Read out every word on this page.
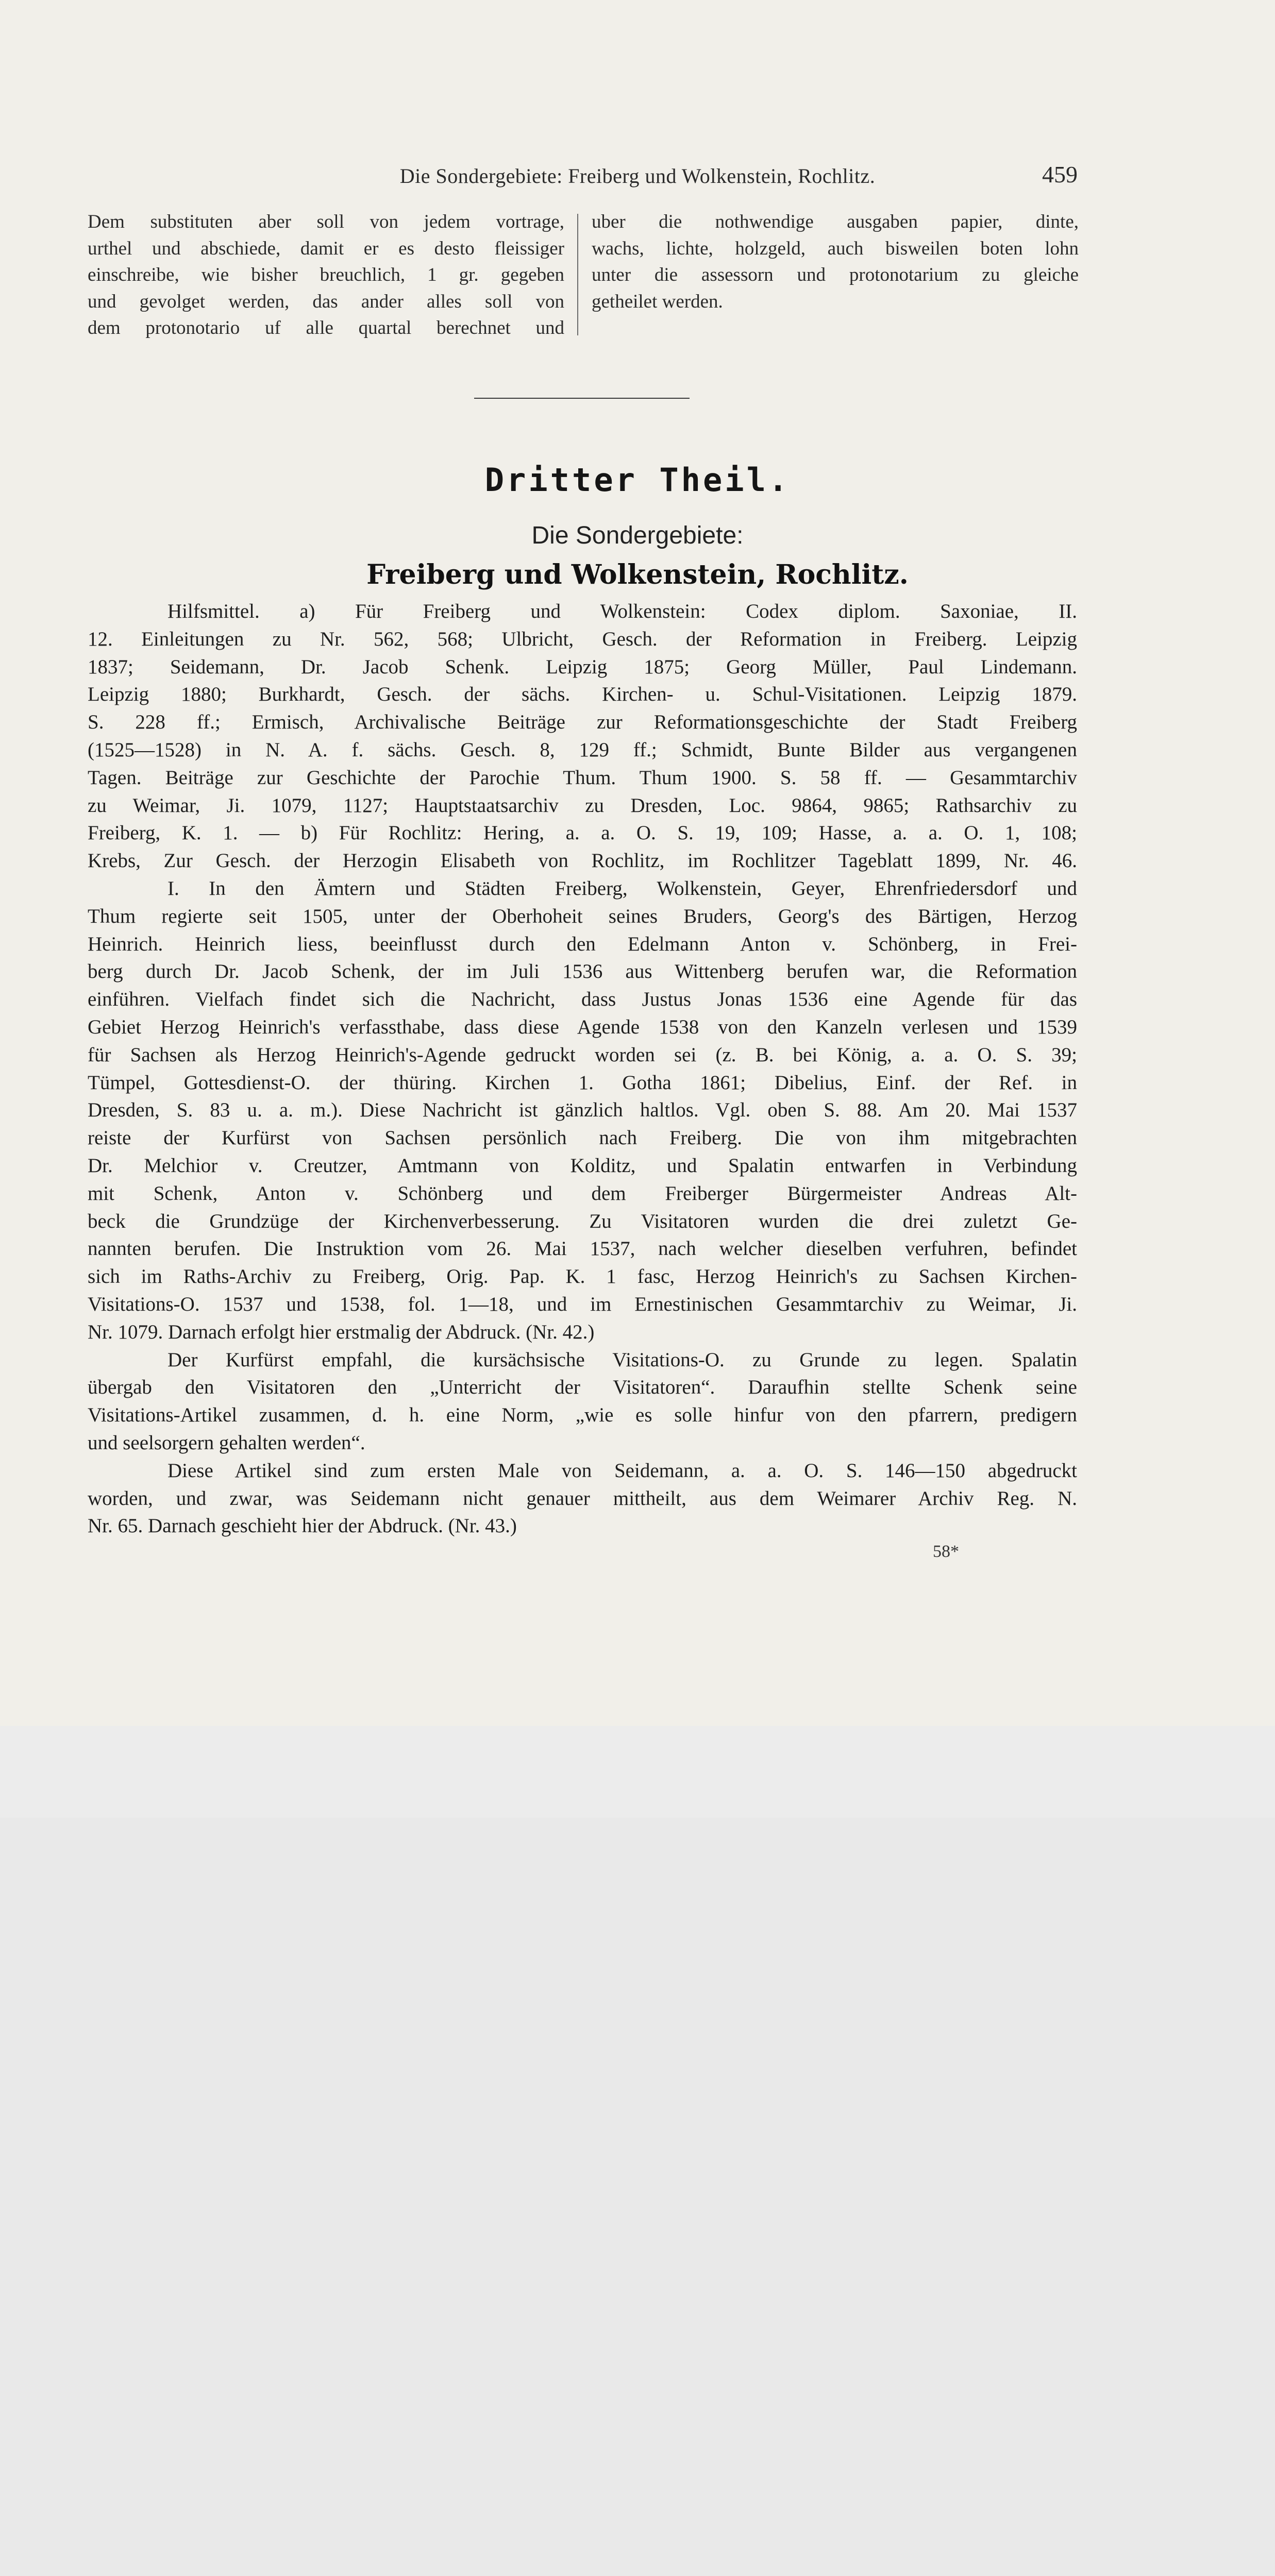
Die Sondergebiete: Freiberg und Wolkenstein, Rochlitz.	459
Dem substituten aber soll von jedem vortrage,
urthel und abschiede, damit er es desto fleissiger
einschreibe, wie bisher breuchlich, 1 gr. gegeben
und gevolget werden, das ander alles soll von
dem protonotario uf alle quartal berechnet und
uber die nothwendige ausgaben papier, dinte,
wachs, lichte, holzgeld, auch bisweilen boten lohn
unter die assessorn und protonotarium zu gleiche
getheilet werden.
Dritter Theil.
Die Sondergebiete:
Freiberg und Wolkenstein, Rochlitz.
Hilfsmittel. a) Für Freiberg und Wolkenstein: Codex diplom. Saxoniae, II.
12. Einleitungen zu Nr. 562, 568; Ulbricht, Gesch. der Reformation in Freiberg. Leipzig
1837; Seidemann, Dr. Jacob Schenk. Leipzig 1875; Georg Müller, Paul Lindemann.
Leipzig 1880; Burkhardt, Gesch. der sächs. Kirchen- u. Schul-Visitationen. Leipzig 1879.
S. 228 ff.; Ermisch, Archivalische Beiträge zur Reformationsgeschichte der Stadt Freiberg
(1525—1528) in N. A. f. sächs. Gesch. 8, 129 ff.; Schmidt, Bunte Bilder aus vergangenen
Tagen. Beiträge zur Geschichte der Parochie Thum. Thum 1900. S. 58 ff. — Gesammtarchiv
zu Weimar, Ji. 1079, 1127; Hauptstaatsarchiv zu Dresden, Loc. 9864, 9865; Rathsarchiv zu
Freiberg, K. 1. — b) Für Rochlitz: Hering, a. a. O. S. 19, 109; Hasse, a. a. O. 1, 108;
Krebs, Zur Gesch. der Herzogin Elisabeth von Rochlitz, im Rochlitzer Tageblatt 1899, Nr. 46.
I. In den Ämtern und Städten Freiberg, Wolkenstein, Geyer, Ehrenfriedersdorf und
Thum regierte seit 1505, unter der Oberhoheit seines Bruders, Georg's des Bärtigen, Herzog
Heinrich. Heinrich liess, beeinflusst durch den Edelmann Anton v. Schönberg, in Frei-
berg durch Dr. Jacob Schenk, der im Juli 1536 aus Wittenberg berufen war, die Reformation
einführen. Vielfach findet sich die Nachricht, dass Justus Jonas 1536 eine Agende für das
Gebiet Herzog Heinrich's verfassthabe, dass diese Agende 1538 von den Kanzeln verlesen und 1539
für Sachsen als Herzog Heinrich's-Agende gedruckt worden sei (z. B. bei König, a. a. O. S. 39;
Tümpel, Gottesdienst-O. der thüring. Kirchen 1. Gotha 1861; Dibelius, Einf. der Ref. in
Dresden, S. 83 u. a. m.). Diese Nachricht ist gänzlich haltlos. Vgl. oben S. 88. Am 20. Mai 1537
reiste der Kurfürst von Sachsen persönlich nach Freiberg. Die von ihm mitgebrachten
Dr. Melchior v. Creutzer, Amtmann von Kolditz, und Spalatin entwarfen in Verbindung
mit Schenk, Anton v. Schönberg und dem Freiberger Bürgermeister Andreas Alt-
beck die Grundzüge der Kirchenverbesserung. Zu Visitatoren wurden die drei zuletzt Ge-
nannten berufen. Die Instruktion vom 26. Mai 1537, nach welcher dieselben verfuhren, befindet
sich im Raths-Archiv zu Freiberg, Orig. Pap. K. 1 fasc, Herzog Heinrich's zu Sachsen Kirchen-
Visitations-O. 1537 und 1538, fol. 1—18, und im Ernestinischen Gesammtarchiv zu Weimar, Ji.
Nr. 1079. Darnach erfolgt hier erstmalig der Abdruck. (Nr. 42.)
Der Kurfürst empfahl, die kursächsische Visitations-O. zu Grunde zu legen. Spalatin
übergab den Visitatoren den „Unterricht der Visitatoren“. Daraufhin stellte Schenk seine
Visitations-Artikel zusammen, d. h. eine Norm, „wie es solle hinfur von den pfarrern, predigern
und seelsorgern gehalten werden“.
Diese Artikel sind zum ersten Male von Seidemann, a. a. O. S. 146—150 abgedruckt
worden, und zwar, was Seidemann nicht genauer mittheilt, aus dem Weimarer Archiv Reg. N.
Nr. 65. Darnach geschieht hier der Abdruck. (Nr. 43.)
58*
